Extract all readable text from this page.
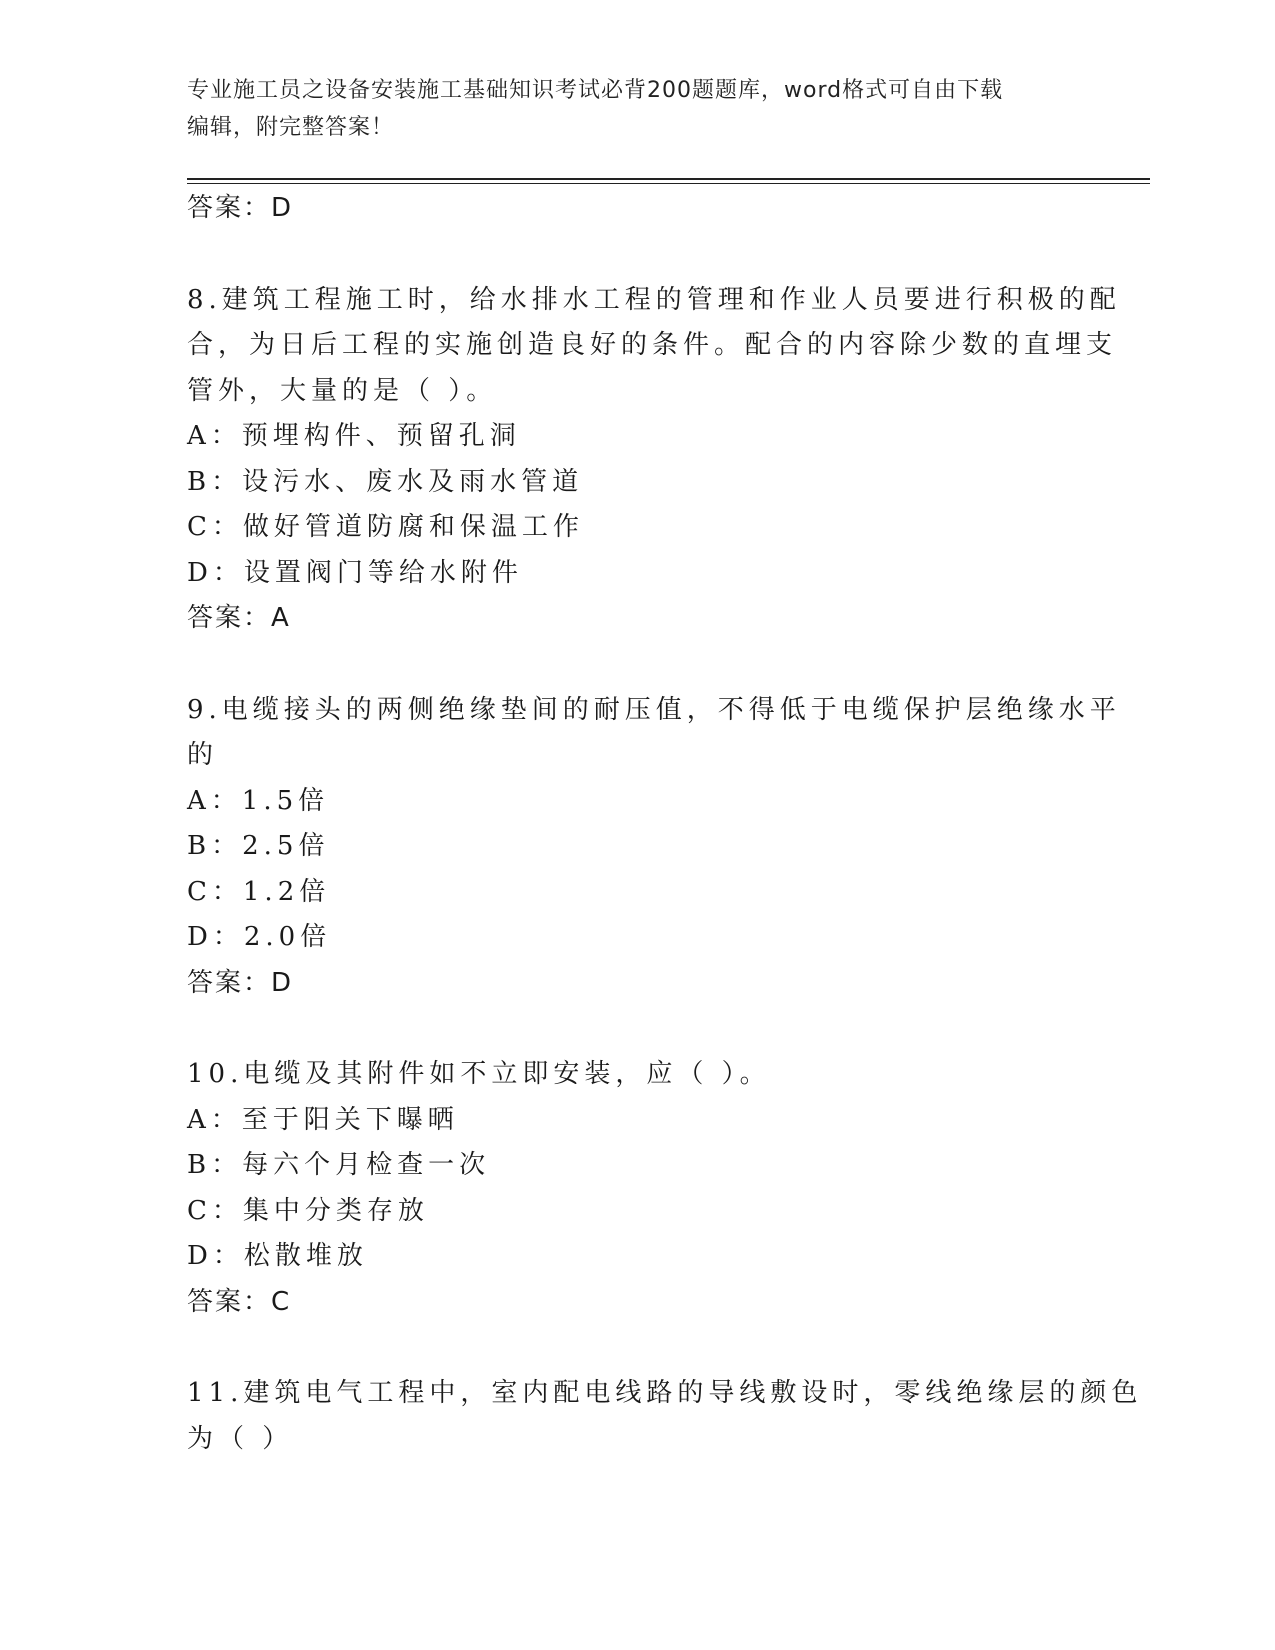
专业施工员之设备安装施工基础知识考试必背200题题库，word格式可自由下载
编辑，附完整答案！
答案：D
8.建筑工程施工时，给水排水工程的管理和作业人员要进行积极的配
合，为日后工程的实施创造良好的条件。配合的内容除少数的直埋支
管外，大量的是（ ）。
A：预埋构件、预留孔洞
B：设污水、废水及雨水管道
C：做好管道防腐和保温工作
D：设置阀门等给水附件
答案：A
9.电缆接头的两侧绝缘垫间的耐压值，不得低于电缆保护层绝缘水平
的
A：1.5倍
B：2.5倍
C：1.2倍
D：2.0倍
答案：D
10.电缆及其附件如不立即安装，应（ ）。
A：至于阳关下曝晒
B：每六个月检查一次
C：集中分类存放
D：松散堆放
答案：C
11.建筑电气工程中，室内配电线路的导线敷设时，零线绝缘层的颜色
为（ ）
